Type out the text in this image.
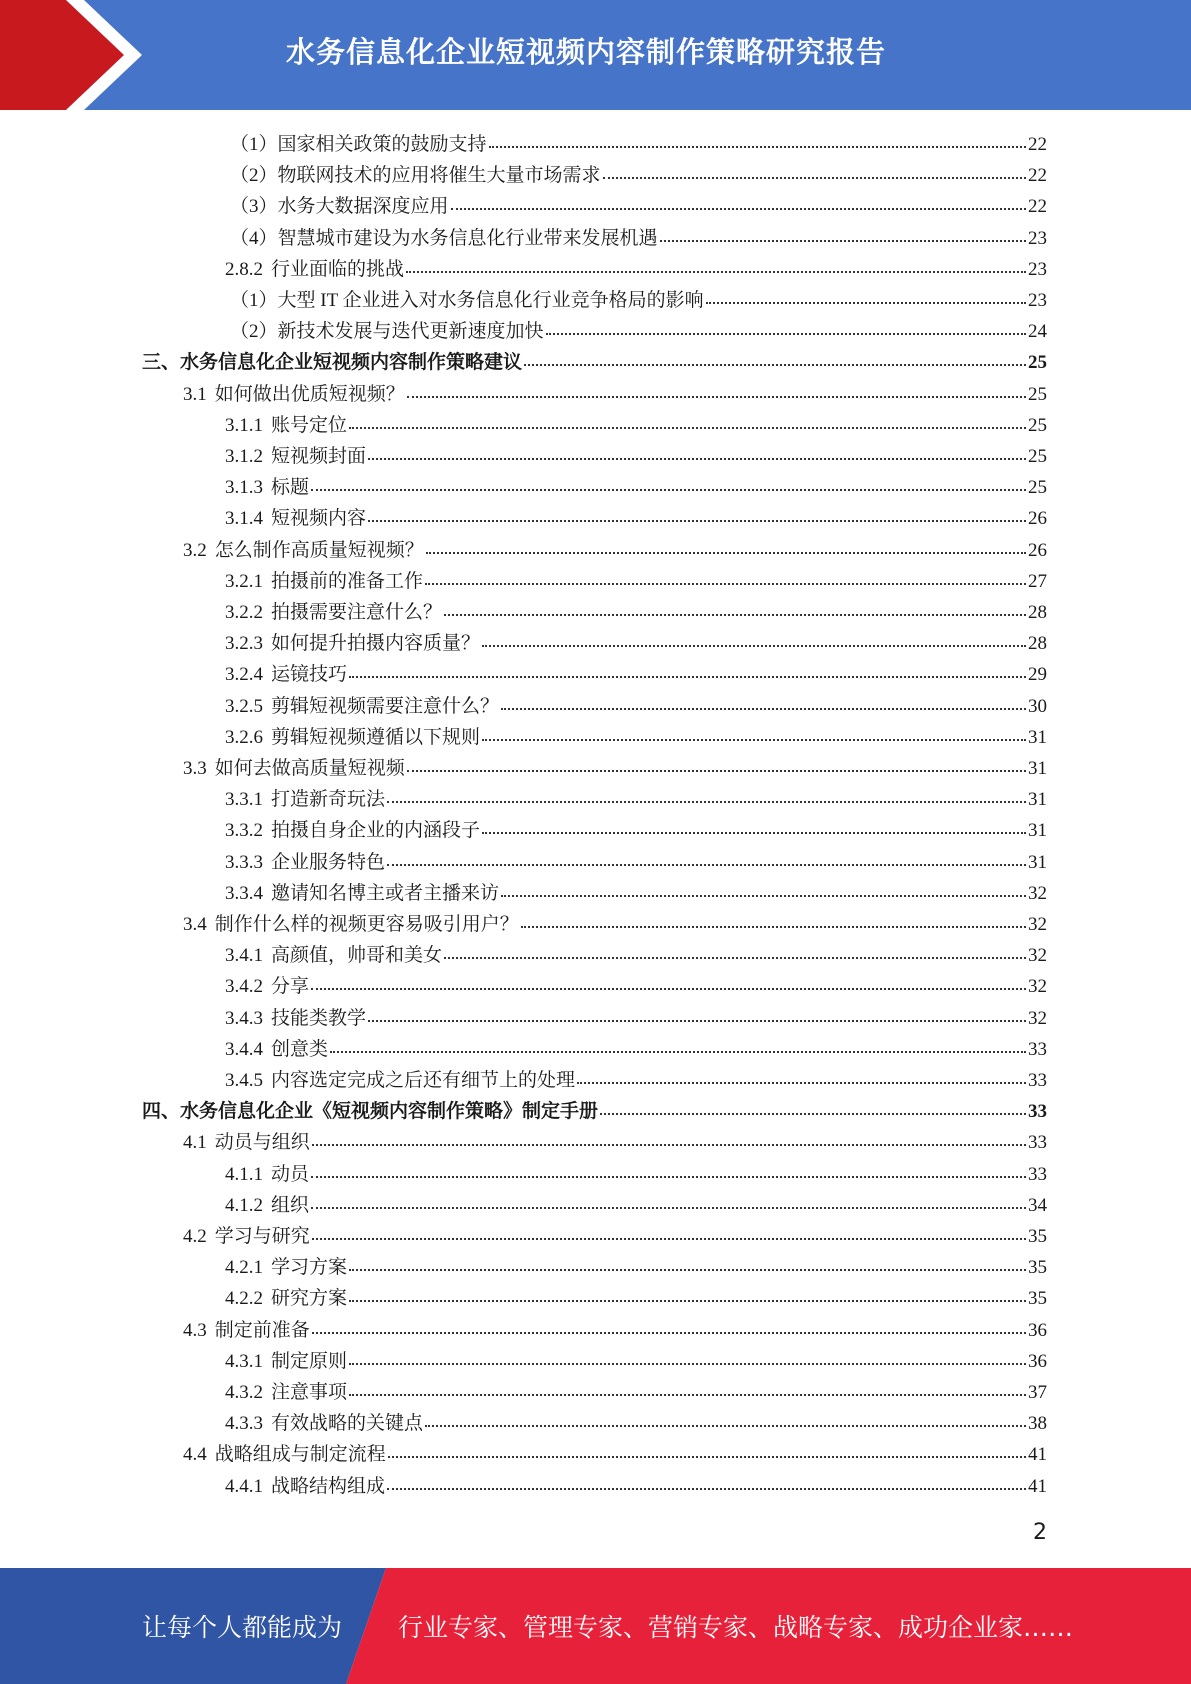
水务信息化企业短视频内容制作策略研究报告
（1） 国家相关政策的鼓励支持	22
（2） 物联网技术的应用将催生大量市场需求	22
（3） 水务大数据深度应用	22
（4） 智慧城市建设为水务信息化行业带来发展机遇	23
2.8.2 行业面临的挑战	23
（1） 大型 IT 企业进入对水务信息化行业竞争格局的影响	23
（2） 新技术发展与迭代更新速度加快	24
三、 水务信息化企业短视频内容制作策略建议	25
3.1 如何做出优质短视频？	25
3.1.1 账号定位	25
3.1.2 短视频封面	25
3.1.3 标题	25
3.1.4 短视频内容	26
3.2 怎么制作高质量短视频？	26
3.2.1 拍摄前的准备工作	27
3.2.2 拍摄需要注意什么？	28
3.2.3 如何提升拍摄内容质量？	28
3.2.4 运镜技巧	29
3.2.5 剪辑短视频需要注意什么？	30
3.2.6 剪辑短视频遵循以下规则	31
3.3 如何去做高质量短视频	31
3.3.1 打造新奇玩法	31
3.3.2 拍摄自身企业的内涵段子	31
3.3.3 企业服务特色	31
3.3.4 邀请知名博主或者主播来访	32
3.4 制作什么样的视频更容易吸引用户？	32
3.4.1 高颜值，帅哥和美女	32
3.4.2 分享	32
3.4.3 技能类教学	32
3.4.4 创意类	33
3.4.5 内容选定完成之后还有细节上的处理	33
四、 水务信息化企业《短视频内容制作策略》制定手册	33
4.1 动员与组织	33
4.1.1 动员	33
4.1.2 组织	34
4.2 学习与研究	35
4.2.1 学习方案	35
4.2.2 研究方案	35
4.3 制定前准备	36
4.3.1 制定原则	36
4.3.2 注意事项	37
4.3.3 有效战略的关键点	38
4.4 战略组成与制定流程	41
4.4.1 战略结构组成	41
2
让每个人都能成为 行业专家、管理专家、营销专家、战略专家、成功企业家……
